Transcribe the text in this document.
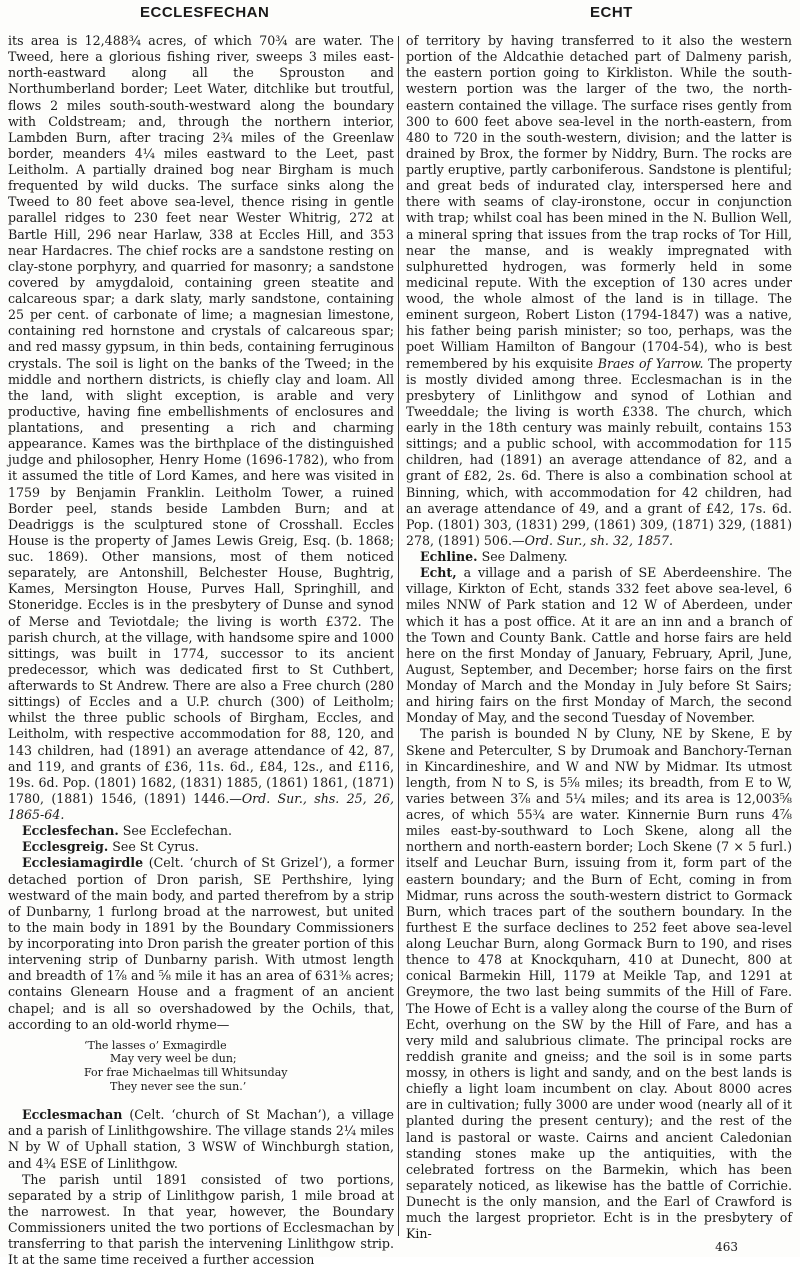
ECCLESFECHAN	ECHT

its area is 12,488¾ acres, of which 70¾ are water. The Tweed, here a glorious fishing river, sweeps 3 miles east-north-eastward along all the Sprouston and Northumberland border; Leet Water, ditchlike but troutful, flows 2 miles south-south-westward along the boundary with Coldstream; and, through the northern interior, Lambden Burn, after tracing 2¾ miles of the Greenlaw border, meanders 4¼ miles eastward to the Leet, past Leitholm. A partially drained bog near Birgham is much frequented by wild ducks. The surface sinks along the Tweed to 80 feet above sea-level, thence rising in gentle parallel ridges to 230 feet near Wester Whitrig, 272 at Bartle Hill, 296 near Harlaw, 338 at Eccles Hill, and 353 near Hardacres. The chief rocks are a sandstone resting on clay-stone porphyry, and quarried for masonry; a sandstone covered by amygdaloid, containing green steatite and calcareous spar; a dark slaty, marly sandstone, containing 25 per cent. of carbonate of lime; a magnesian limestone, containing red hornstone and crystals of calcareous spar; and red massy gypsum, in thin beds, containing ferruginous crystals. The soil is light on the banks of the Tweed; in the middle and northern districts, is chiefly clay and loam. All the land, with slight exception, is arable and very productive, having fine embellishments of enclosures and plantations, and presenting a rich and charming appearance. Kames was the birthplace of the distinguished judge and philosopher, Henry Home (1696-1782), who from it assumed the title of Lord Kames, and here was visited in 1759 by Benjamin Franklin. Leitholm Tower, a ruined Border peel, stands beside Lambden Burn; and at Deadriggs is the sculptured stone of Crosshall. Eccles House is the property of James Lewis Greig, Esq. (b. 1868; suc. 1869). Other mansions, most of them noticed separately, are Antonshill, Belchester House, Bughtrig, Kames, Mersington House, Purves Hall, Springhill, and Stoneridge. Eccles is in the presbytery of Dunse and synod of Merse and Teviotdale; the living is worth £372. The parish church, at the village, with handsome spire and 1000 sittings, was built in 1774, successor to its ancient predecessor, which was dedicated first to St Cuthbert, afterwards to St Andrew. There are also a Free church (280 sittings) of Eccles and a U.P. church (300) of Leitholm; whilst the three public schools of Birgham, Eccles, and Leitholm, with respective accommodation for 88, 120, and 143 children, had (1891) an average attendance of 42, 87, and 119, and grants of £36, 11s. 6d., £84, 12s., and £116, 19s. 6d. Pop. (1801) 1682, (1831) 1885, (1861) 1861, (1871) 1780, (1881) 1546, (1891) 1446.—Ord. Sur., shs. 25, 26, 1865-64.

Ecclesfechan. See Ecclefechan.

Ecclesgreig. See St Cyrus.

Ecclesiamagirdle (Celt. ‘church of St Grizel’), a former detached portion of Dron parish, SE Perthshire, lying westward of the main body, and parted therefrom by a strip of Dunbarny, 1 furlong broad at the narrowest, but united to the main body in 1891 by the Boundary Commissioners by incorporating into Dron parish the greater portion of this intervening strip of Dunbarny parish. With utmost length and breadth of 1⅞ and ⅝ mile it has an area of 631⅜ acres; contains Glenearn House and a fragment of an ancient chapel; and is all so overshadowed by the Ochils, that, according to an old-world rhyme—

‘The lasses o’ Exmagirdle
May very weel be dun;
For frae Michaelmas till Whitsunday
They never see the sun.’

Ecclesmachan (Celt. ‘church of St Machan’), a village and a parish of Linlithgowshire. The village stands 2¼ miles N by W of Uphall station, 3 WSW of Winchburgh station, and 4¾ ESE of Linlithgow.

The parish until 1891 consisted of two portions, separated by a strip of Linlithgow parish, 1 mile broad at the narrowest. In that year, however, the Boundary Commissioners united the two portions of Ecclesmachan by transferring to that parish the intervening Linlithgow strip. It at the same time received a further accession

of territory by having transferred to it also the western portion of the Aldcathie detached part of Dalmeny parish, the eastern portion going to Kirkliston. While the south-western portion was the larger of the two, the north-eastern contained the village. The surface rises gently from 300 to 600 feet above sea-level in the north-eastern, from 480 to 720 in the south-western, division; and the latter is drained by Brox, the former by Niddry, Burn. The rocks are partly eruptive, partly carboniferous. Sandstone is plentiful; and great beds of indurated clay, interspersed here and there with seams of clay-ironstone, occur in conjunction with trap; whilst coal has been mined in the N. Bullion Well, a mineral spring that issues from the trap rocks of Tor Hill, near the manse, and is weakly impregnated with sulphuretted hydrogen, was formerly held in some medicinal repute. With the exception of 130 acres under wood, the whole almost of the land is in tillage. The eminent surgeon, Robert Liston (1794-1847) was a native, his father being parish minister; so too, perhaps, was the poet William Hamilton of Bangour (1704-54), who is best remembered by his exquisite Braes of Yarrow. The property is mostly divided among three. Ecclesmachan is in the presbytery of Linlithgow and synod of Lothian and Tweeddale; the living is worth £338. The church, which early in the 18th century was mainly rebuilt, contains 153 sittings; and a public school, with accommodation for 115 children, had (1891) an average attendance of 82, and a grant of £82, 2s. 6d. There is also a combination school at Binning, which, with accommodation for 42 children, had an average attendance of 49, and a grant of £42, 17s. 6d. Pop. (1801) 303, (1831) 299, (1861) 309, (1871) 329, (1881) 278, (1891) 506.—Ord. Sur., sh. 32, 1857.

Echline. See Dalmeny.

Echt, a village and a parish of SE Aberdeenshire. The village, Kirkton of Echt, stands 332 feet above sea-level, 6 miles NNW of Park station and 12 W of Aberdeen, under which it has a post office. At it are an inn and a branch of the Town and County Bank. Cattle and horse fairs are held here on the first Monday of January, February, April, June, August, September, and December; horse fairs on the first Monday of March and the Monday in July before St Sairs; and hiring fairs on the first Monday of March, the second Monday of May, and the second Tuesday of November.

The parish is bounded N by Cluny, NE by Skene, E by Skene and Peterculter, S by Drumoak and Banchory-Ternan in Kincardineshire, and W and NW by Midmar. Its utmost length, from N to S, is 5⅝ miles; its breadth, from E to W, varies between 3⅞ and 5¼ miles; and its area is 12,003⅝ acres, of which 55¾ are water. Kinnernie Burn runs 4⅞ miles east-by-southward to Loch Skene, along all the northern and north-eastern border; Loch Skene (7 × 5 furl.) itself and Leuchar Burn, issuing from it, form part of the eastern boundary; and the Burn of Echt, coming in from Midmar, runs across the south-western district to Gormack Burn, which traces part of the southern boundary. In the furthest E the surface declines to 252 feet above sea-level along Leuchar Burn, along Gormack Burn to 190, and rises thence to 478 at Knockquharn, 410 at Dunecht, 800 at conical Barmekin Hill, 1179 at Meikle Tap, and 1291 at Greymore, the two last being summits of the Hill of Fare. The Howe of Echt is a valley along the course of the Burn of Echt, overhung on the SW by the Hill of Fare, and has a very mild and salubrious climate. The principal rocks are reddish granite and gneiss; and the soil is in some parts mossy, in others is light and sandy, and on the best lands is chiefly a light loam incumbent on clay. About 8000 acres are in cultivation; fully 3000 are under wood (nearly all of it planted during the present century); and the rest of the land is pastoral or waste. Cairns and ancient Caledonian standing stones make up the antiquities, with the celebrated fortress on the Barmekin, which has been separately noticed, as likewise has the battle of Corrichie. Dunecht is the only mansion, and the Earl of Crawford is much the largest proprietor. Echt is in the presbytery of Kin-

463
